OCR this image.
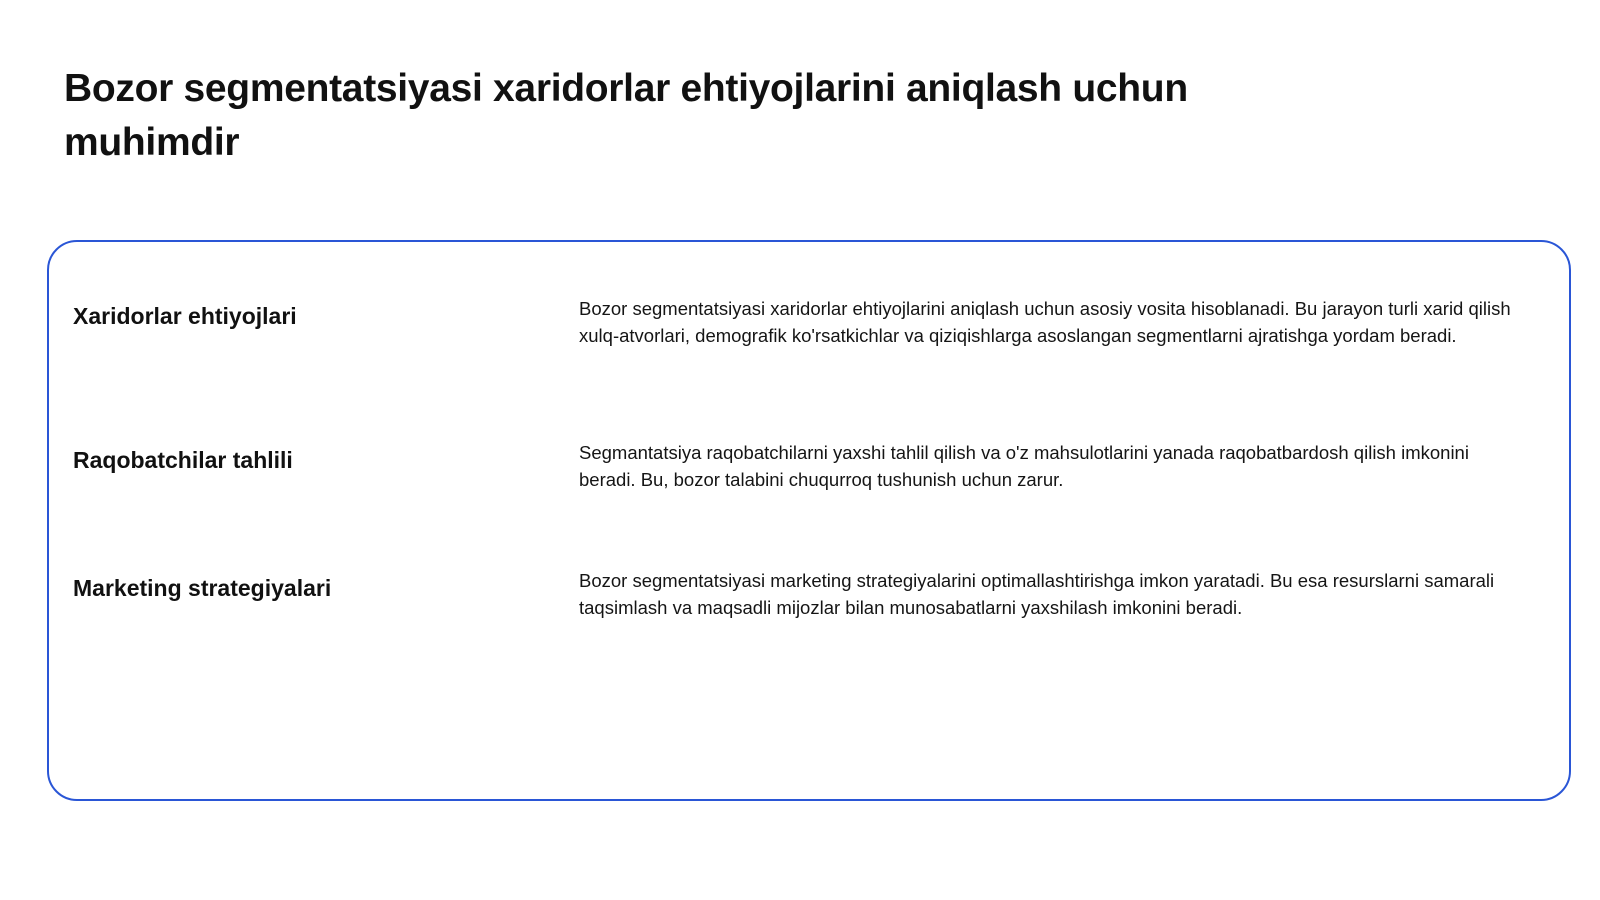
Bozor segmentatsiyasi xaridorlar ehtiyojlarini aniqlash uchun muhimdir
Xaridorlar ehtiyojlari	Bozor segmentatsiyasi xaridorlar ehtiyojlarini aniqlash uchun asosiy vosita hisoblanadi. Bu jarayon turli xarid qilish xulq-atvorlari, demografik ko'rsatkichlar va qiziqishlarga asoslangan segmentlarni ajratishga yordam beradi.
Raqobatchilar tahlili	Segmantatsiya raqobatchilarni yaxshi tahlil qilish va o'z mahsulotlarini yanada raqobatbardosh qilish imkonini beradi. Bu, bozor talabini chuqurroq tushunish uchun zarur.
Marketing strategiyalari	Bozor segmentatsiyasi marketing strategiyalarini optimallashtirishga imkon yaratadi. Bu esa resurslarni samarali taqsimlash va maqsadli mijozlar bilan munosabatlarni yaxshilash imkonini beradi.
